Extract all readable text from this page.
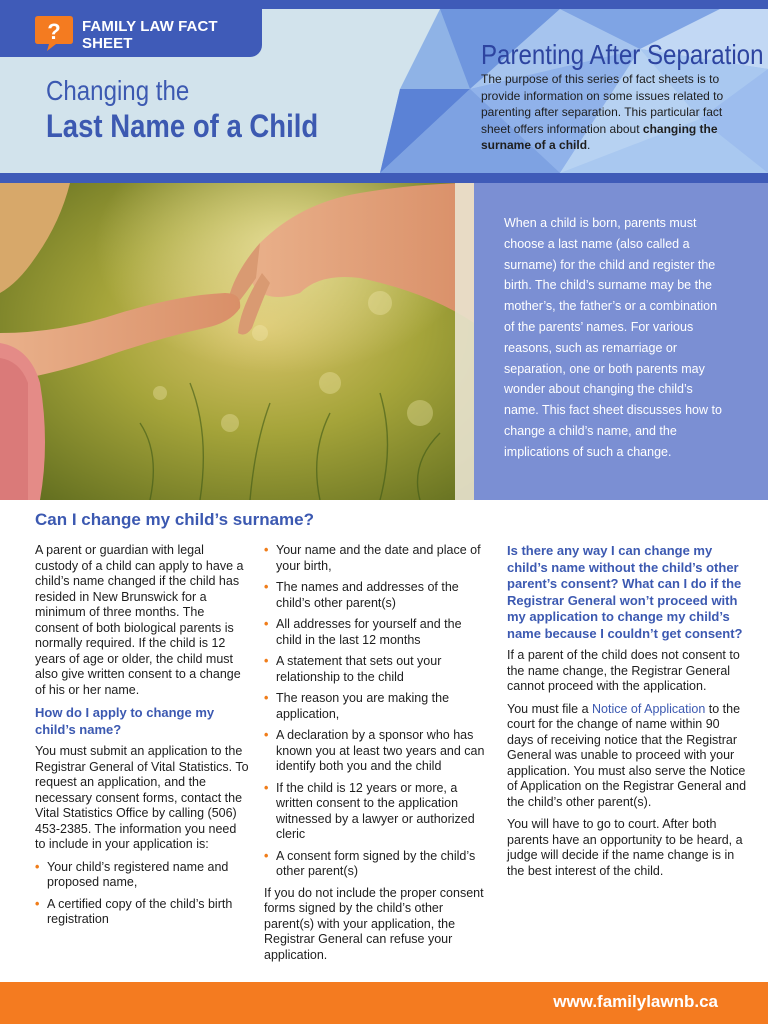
? FAMILY LAW FACT SHEET
Changing the
Last Name of a Child
Parenting After Separation
The purpose of this series of fact sheets is to provide information on some issues related to parenting after separation. This particular fact sheet offers information about changing the surname of a child.

When a child is born, parents must choose a last name (also called a surname) for the child and register the birth. The child’s surname may be the mother’s, the father’s or a combination of the parents’ names. For various reasons, such as remarriage or separation, one or both parents may wonder about changing the child’s name. This fact sheet discusses how to change a child’s name, and the implications of such a change.

Can I change my child’s surname?

A parent or guardian with legal custody of a child can apply to have a child’s name changed if the child has resided in New Brunswick for a minimum of three months. The consent of both biological parents is normally required. If the child is 12 years of age or older, the child must also give written consent to a change of his or her name.

How do I apply to change my child’s name?

You must submit an application to the Registrar General of Vital Statistics. To request an application, and the necessary consent forms, contact the Vital Statistics Office by calling (506) 453-2385. The information you need to include in your application is:

• Your child’s registered name and proposed name,
• A certified copy of the child’s birth registration
• Your name and the date and place of your birth,
• The names and addresses of the child’s other parent(s)
• All addresses for yourself and the child in the last 12 months
• A statement that sets out your relationship to the child
• The reason you are making the application,
• A declaration by a sponsor who has known you at least two years and can identify both you and the child
• If the child is 12 years or more, a written consent to the application witnessed by a lawyer or authorized cleric
• A consent form signed by the child’s other parent(s)

If you do not include the proper consent forms signed by the child’s other parent(s) with your application, the Registrar General can refuse your application.

Is there any way I can change my child’s name without the child’s other parent’s consent? What can I do if the Registrar General won’t proceed with my application to change my child’s name because I couldn’t get consent?

If a parent of the child does not consent to the name change, the Registrar General cannot proceed with the application.

You must file a Notice of Application to the court for the change of name within 90 days of receiving notice that the Registrar General was unable to proceed with your application. You must also serve the Notice of Application on the Registrar General and the child’s other parent(s).

You will have to go to court. After both parents have an opportunity to be heard, a judge will decide if the name change is in the best interest of the child.

www.familylawnb.ca
